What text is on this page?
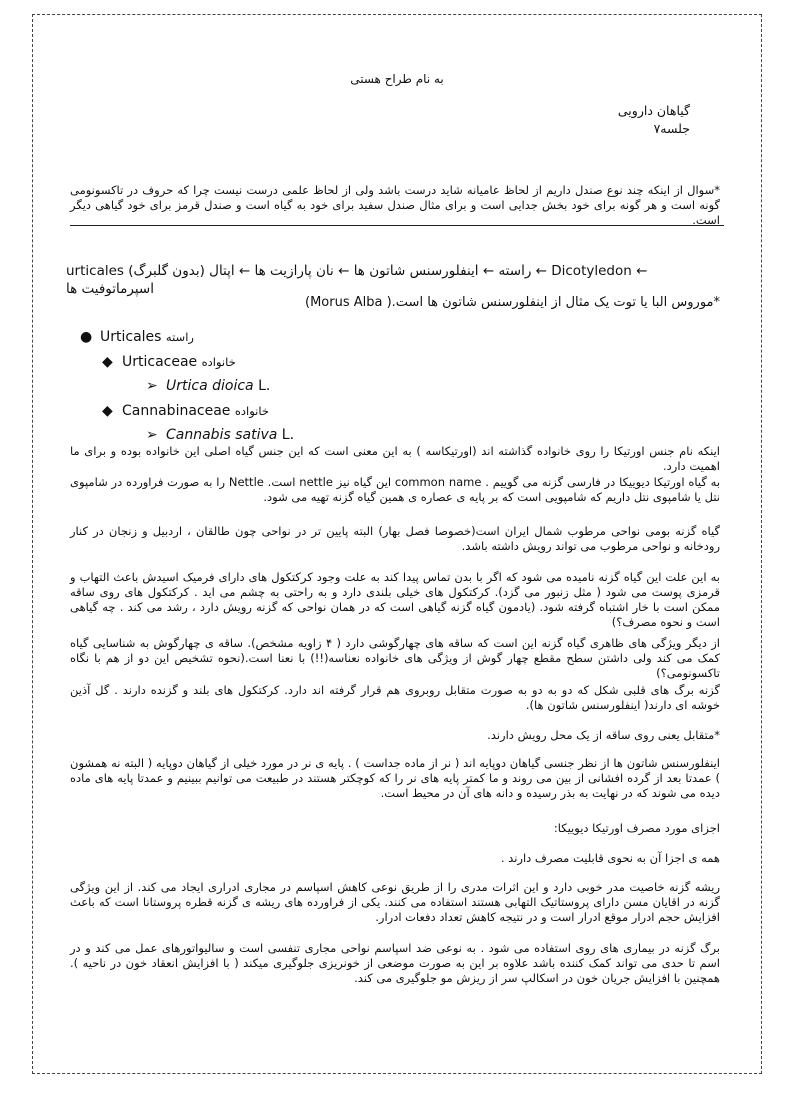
به نام طراح هستی
گیاهان دارویی
جلسه۷
*سوال از اینکه چند نوع صندل داریم از لحاظ عامیانه شاید درست باشد ولی از لحاظ علمی درست نیست چرا که حروف در تاکسونومی گونه است و هر گونه برای خود بخش جدایی است و برای مثال صندل سفید برای خود به گیاه است و صندل قرمز برای خود گیاهی دیگر است.
urticales راسته ← اینفلورسنس شاتون ها ← نان پارازیت ها ← اپتال (بدون گلبرگ) ← Dicotyledon ← اسپرماتوفیت ها
*موروس البا یا توت یک مثال از اینفلورسنس شاتون ها است.( Morus Alba)
● Urticales راسته
◆ Urticaceae خانواده
➢ Urtica dioica L.
◆ Cannabinaceae خانواده
➢ Cannabis sativa L.
اینکه نام جنس اورتیکا را روی خانواده گذاشته اند (اورتیکاسه ) به این معنی است که این جنس گیاه اصلی این خانواده بوده و برای ما اهمیت دارد.
به گیاه اورتیکا دیوییکا در فارسی گزنه می گوییم . common name این گیاه نیز nettle است. Nettle را به صورت فراورده در شامپوی نتل یا شامپوی نتل داریم که شامپویی است که بر پایه ی عصاره ی همین گیاه گزنه تهیه می شود.
گیاه گزنه بومی نواحی مرطوب شمال ایران است(خصوصا فصل بهار) البته پایین تر در نواحی چون طالقان ، اردبیل و زنجان در کنار رودخانه و نواحی مرطوب می تواند رویش داشته باشد.
به این علت این گیاه گزنه نامیده می شود که اگر با بدن تماس پیدا کند به علت وجود کرکتکول های دارای فرمیک اسیدش باعث التهاب و قرمزی پوست می شود ( مثل زنبور می گزد). کرکتکول های خیلی بلندی دارد و به راحتی به چشم می اید . کرکتکول های روی ساقه ممکن است با خار اشتباه گرفته شود. (یادمون گیاه گزنه گیاهی است که در همان نواحی که گزنه رویش دارد ، رشد می کند . چه گیاهی است و نحوه مصرف؟)
از دیگر ویژگی های ظاهری گیاه گزنه این است که ساقه های چهارگوشی دارد ( ۴ زاویه مشخص). ساقه ی چهارگوش به شناسایی گیاه کمک می کند ولی داشتن سطح مقطع چهار گوش از ویژگی های خانواده نعناسه(!!) با نعنا است.(نحوه تشخیص این دو از هم با نگاه تاکسونومی؟)
گزنه برگ های قلبی شکل که دو به دو به صورت متقابل روبروی هم قرار گرفته اند دارد. کرکتکول های بلند و گزنده دارند . گل آذین خوشه ای دارند( اینفلورسنس شاتون ها).
*متقابل یعنی روی ساقه از یک محل رویش دارند.
اینفلورسنس شاتون ها از نظر جنسی گیاهان دوپایه اند ( نر از ماده جداست ) . پایه ی نر در مورد خیلی از گیاهان دوپایه ( البته نه همشون ) عمدتا بعد از گرده افشانی از بین می روند و ما کمتر پایه های نر را که کوچکتر هستند در طبیعت می توانیم ببینیم و عمدتا پایه های ماده دیده می شوند که در نهایت به بذر رسیده و دانه های آن در محیط است.
اجزای مورد مصرف اورتیکا دیوییکا:
همه ی اجزا آن به نحوی قابلیت مصرف دارند .
ریشه گزنه خاصیت مدر خوبی دارد و این اثرات مدری را از طریق نوعی کاهش اسپاسم در مجاری ادراری ایجاد می کند. از این ویژگی گزنه در اقایان مسن دارای پروستاتیک التهابی هستند استفاده می کنند. یکی از فراورده های ریشه ی گزنه قطره پروستانا است که باعث افزایش حجم ادرار موقع ادرار است و در نتیجه کاهش تعداد دفعات ادرار.
برگ گزنه در بیماری های روی استفاده می شود . به نوعی ضد اسپاسم نواحی مجاری تنفسی است و سالیواتورهای عمل می کند و در اسم تا حدی می تواند کمک کننده باشد علاوه بر این به صورت موضعی از خونریزی جلوگیری میکند ( با افزایش انعقاد خون در ناحیه ). همچنین با افزایش جریان خون در اسکالپ سر از ریزش مو جلوگیری می کند.
